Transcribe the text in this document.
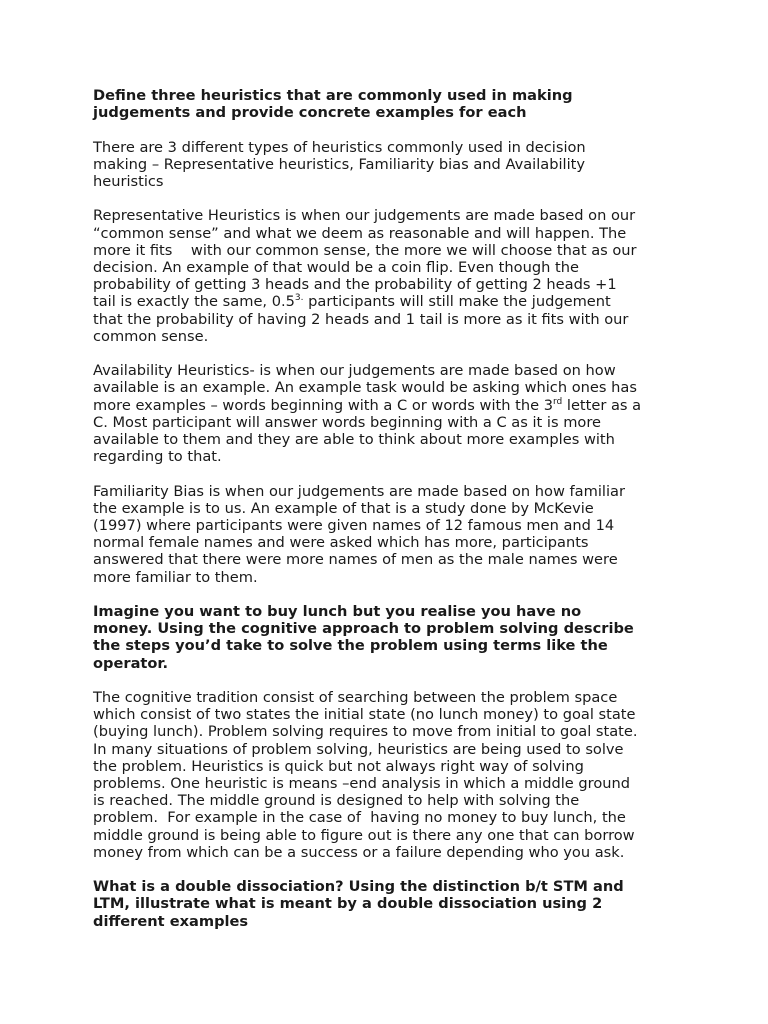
Define three heuristics that are commonly used in making
judgements and provide concrete examples for each

There are 3 different types of heuristics commonly used in decision
making – Representative heuristics, Familiarity bias and Availability
heuristics

Representative Heuristics is when our judgements are made based on our
“common sense” and what we deem as reasonable and will happen. The
more it fits    with our common sense, the more we will choose that as our
decision. An example of that would be a coin flip. Even though the
probability of getting 3 heads and the probability of getting 2 heads +1
tail is exactly the same, $0.5^{3.}$ participants will still make the judgement
that the probability of having 2 heads and 1 tail is more as it fits with our
common sense.

Availability Heuristics- is when our judgements are made based on how
available is an example. An example task would be asking which ones has
more examples – words beginning with a C or words with the 3rd letter as a
C. Most participant will answer words beginning with a C as it is more
available to them and they are able to think about more examples with
regarding to that.

Familiarity Bias is when our judgements are made based on how familiar
the example is to us. An example of that is a study done by McKevie
(1997) where participants were given names of 12 famous men and 14
normal female names and were asked which has more, participants
answered that there were more names of men as the male names were
more familiar to them.

Imagine you want to buy lunch but you realise you have no
money. Using the cognitive approach to problem solving describe
the steps you’d take to solve the problem using terms like the
operator.

The cognitive tradition consist of searching between the problem space
which consist of two states the initial state (no lunch money) to goal state
(buying lunch). Problem solving requires to move from initial to goal state.
In many situations of problem solving, heuristics are being used to solve
the problem. Heuristics is quick but not always right way of solving
problems. One heuristic is means –end analysis in which a middle ground
is reached. The middle ground is designed to help with solving the
problem.  For example in the case of  having no money to buy lunch, the
middle ground is being able to figure out is there any one that can borrow
money from which can be a success or a failure depending who you ask.

What is a double dissociation? Using the distinction b/t STM and
LTM, illustrate what is meant by a double dissociation using 2
different examples
